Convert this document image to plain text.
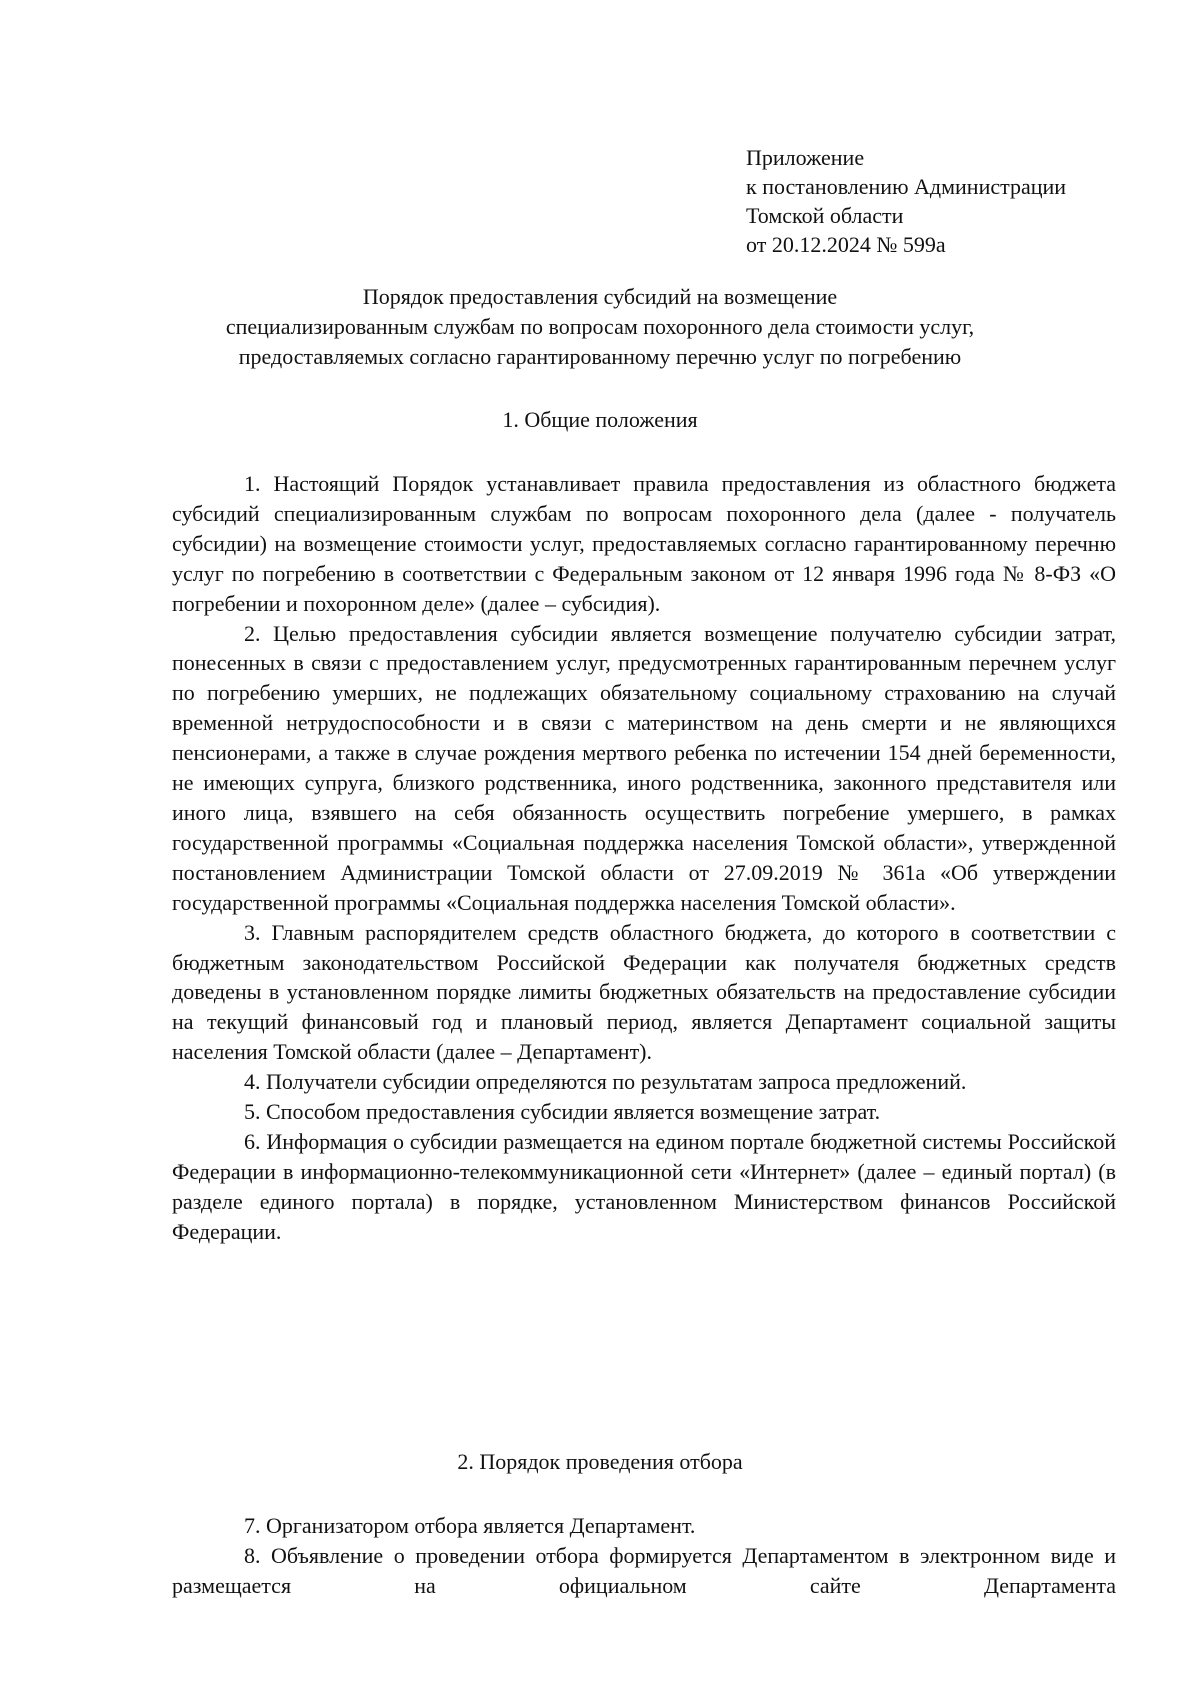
Приложение
к постановлению Администрации
Томской области
от 20.12.2024 № 599а
Порядок предоставления субсидий на возмещение
специализированным службам по вопросам похоронного дела стоимости услуг,
предоставляемых согласно гарантированному перечню услуг по погребению
1. Общие положения

1. Настоящий Порядок устанавливает правила предоставления из областного бюджета субсидий специализированным службам по вопросам похоронного дела (далее - получатель субсидии) на возмещение стоимости услуг, предоставляемых согласно гарантированному перечню услуг по погребению в соответствии с Федеральным законом от 12 января 1996 года № 8-ФЗ «О погребении и похоронном деле» (далее – субсидия).

2. Целью предоставления субсидии является возмещение получателю субсидии затрат, понесенных в связи с предоставлением услуг, предусмотренных гарантированным перечнем услуг по погребению умерших, не подлежащих обязательному социальному страхованию на случай временной нетрудоспособности и в связи с материнством на день смерти и не являющихся пенсионерами, а также в случае рождения мертвого ребенка по истечении 154 дней беременности, не имеющих супруга, близкого родственника, иного родственника, законного представителя или иного лица, взявшего на себя обязанность осуществить погребение умершего, в рамках государственной программы «Социальная поддержка населения Томской области», утвержденной постановлением Администрации Томской области от 27.09.2019 № 361а «Об утверждении государственной программы «Социальная поддержка населения Томской области».

3. Главным распорядителем средств областного бюджета, до которого в соответствии с бюджетным законодательством Российской Федерации как получателя бюджетных средств доведены в установленном порядке лимиты бюджетных обязательств на предоставление субсидии на текущий финансовый год и плановый период, является Департамент социальной защиты населения Томской области (далее – Департамент).

4. Получатели субсидии определяются по результатам запроса предложений.

5. Способом предоставления субсидии является возмещение затрат.

6. Информация о субсидии размещается на едином портале бюджетной системы Российской Федерации в информационно-телекоммуникационной сети «Интернет» (далее – единый портал) (в разделе единого портала) в порядке, установленном Министерством финансов Российской Федерации.

2. Порядок проведения отбора

7. Организатором отбора является Департамент.

8. Объявление о проведении отбора формируется Департаментом в электронном виде и размещается на официальном сайте Департамента
